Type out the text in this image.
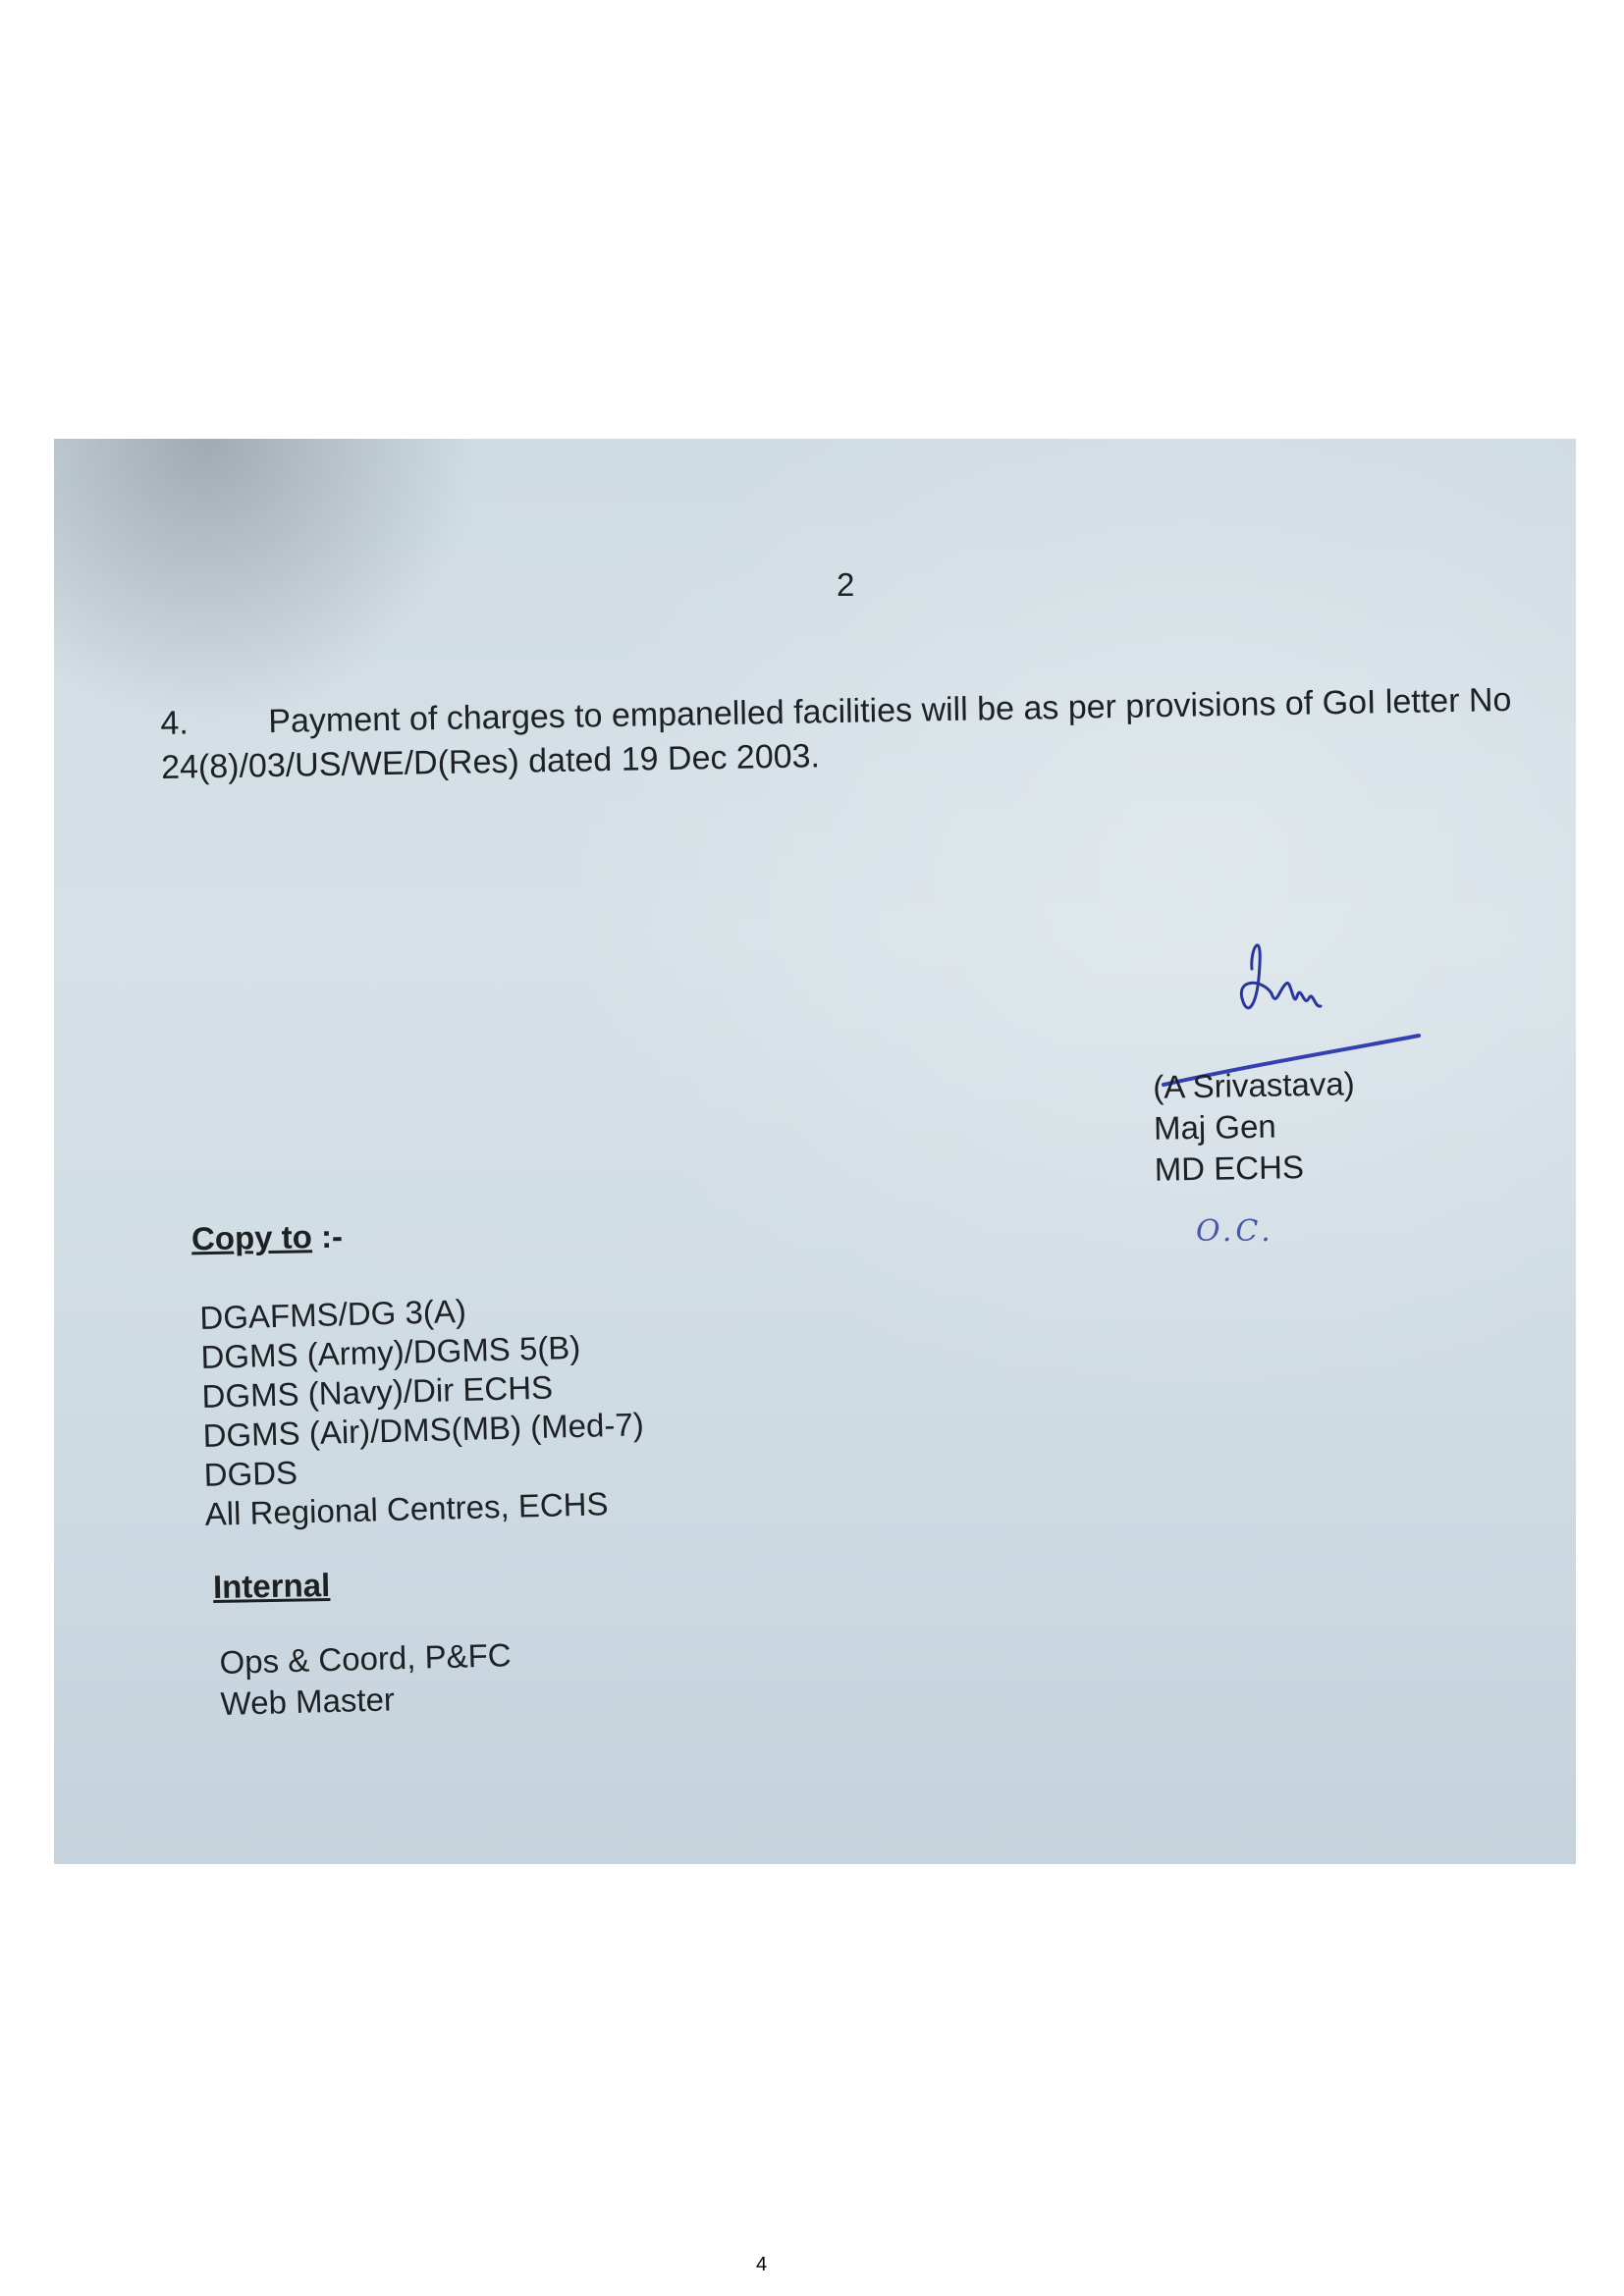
2
4. Payment of charges to empanelled facilities will be as per provisions of GoI letter No 24(8)/03/US/WE/D(Res) dated 19 Dec 2003.
(A Srivastava)
Maj Gen
MD ECHS
O.C.
Copy to :-
DGAFMS/DG 3(A)
DGMS (Army)/DGMS 5(B)
DGMS (Navy)/Dir ECHS
DGMS (Air)/DMS(MB) (Med-7)
DGDS
All Regional Centres, ECHS
Internal
Ops & Coord, P&FC
Web Master
4
